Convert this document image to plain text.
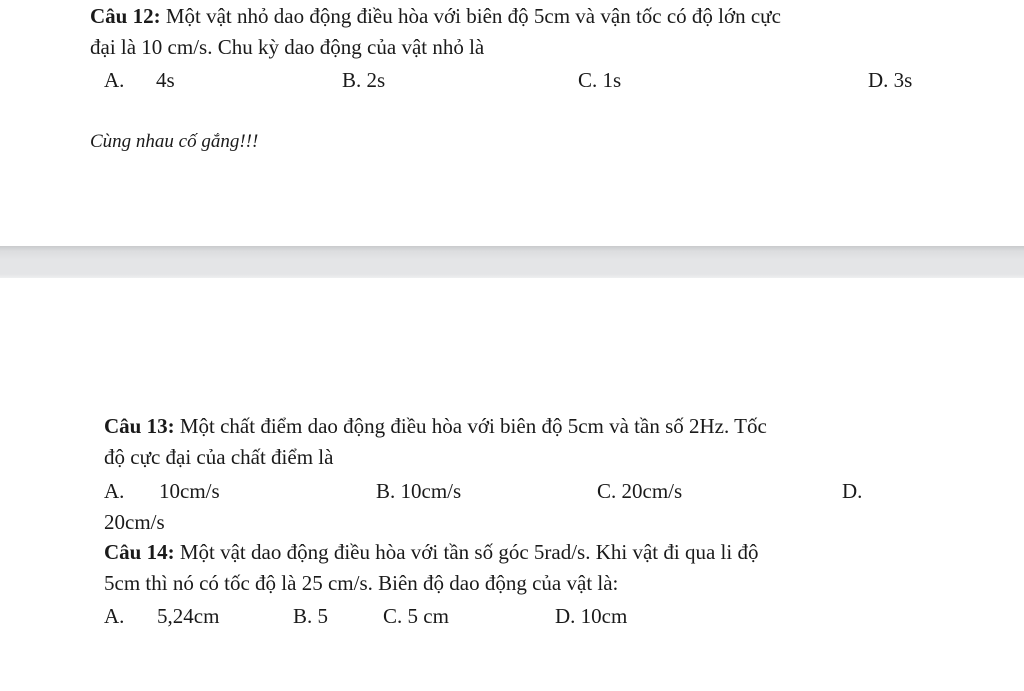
Câu 12: Một vật nhỏ dao động điều hòa với biên độ 5cm và vận tốc có độ lớn cực
đại là 10 cm/s. Chu kỳ dao động của vật nhỏ là
A. 4s	B. 2s	C. 1s	D. 3s
Cùng nhau cố gắng!!!
Câu 13: Một chất điểm dao động điều hòa với biên độ 5cm và tần số 2Hz. Tốc
độ cực đại của chất điểm là
A. 10cm/s	B. 10cm/s	C. 20cm/s	D.
20cm/s
Câu 14: Một vật dao động điều hòa với tần số góc 5rad/s. Khi vật đi qua li độ
5cm thì nó có tốc độ là 25 cm/s. Biên độ dao động của vật là:
A. 5,24cm	B. 5	C. 5 cm	D. 10cm
